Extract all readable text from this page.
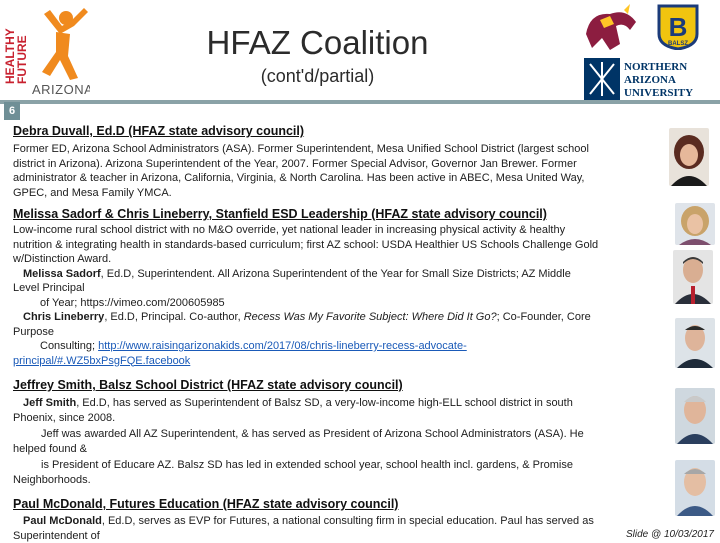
HEALTHY
FUTURE
ARIZONA
HFAZ Coalition
(cont'd/partial)
B
BALSZ
NORTHERN
ARIZONA
UNIVERSITY
6
Debra Duvall, Ed.D (HFAZ state advisory council)
Former ED, Arizona School Administrators (ASA). Former Superintendent, Mesa Unified School District (largest school
district in Arizona). Arizona Superintendent of the Year, 2007. Former Special Advisor, Governor Jan Brewer. Former
administrator & teacher in Arizona, California, Virginia, & North Carolina. Has been active in ABEC, Mesa United Way,
GPEC, and Mesa Family YMCA.
Melissa Sadorf & Chris Lineberry, Stanfield ESD Leadership (HFAZ state advisory council)
Low-income rural school district with no M&O override, yet national leader in increasing physical activity & healthy
nutrition & integrating health in standards-based curriculum; first AZ school: USDA Healthier US Schools Challenge Gold
w/Distinction Award.
Melissa Sadorf, Ed.D, Superintendent. All Arizona Superintendent of the Year for Small Size Districts; AZ Middle
Level Principal
of Year; https://vimeo.com/200605985
Chris Lineberry, Ed.D, Principal. Co-author, Recess Was My Favorite Subject: Where Did It Go?; Co-Founder, Core
Purpose
Consulting; http://www.raisingarizonakids.com/2017/08/chris-lineberry-recess-advocate-
principal/#.WZ5bxPsgFQE.facebook
Jeffrey Smith, Balsz School District (HFAZ state advisory council)
Jeff Smith, Ed.D, has served as Superintendent of Balsz SD, a very-low-income high-ELL school district in south
Phoenix, since 2008.
Jeff was awarded All AZ Superintendent, & has served as President of Arizona School Administrators (ASA). He
helped found &
is President of Educare AZ. Balsz SD has led in extended school year, school health incl. gardens, & Promise
Neighborhoods.
Paul McDonald, Futures Education (HFAZ state advisory council)
Paul McDonald, Ed.D, serves as EVP for Futures, a national consulting firm in special education. Paul has served as
Superintendent of	Slide @ 10/03/2017
